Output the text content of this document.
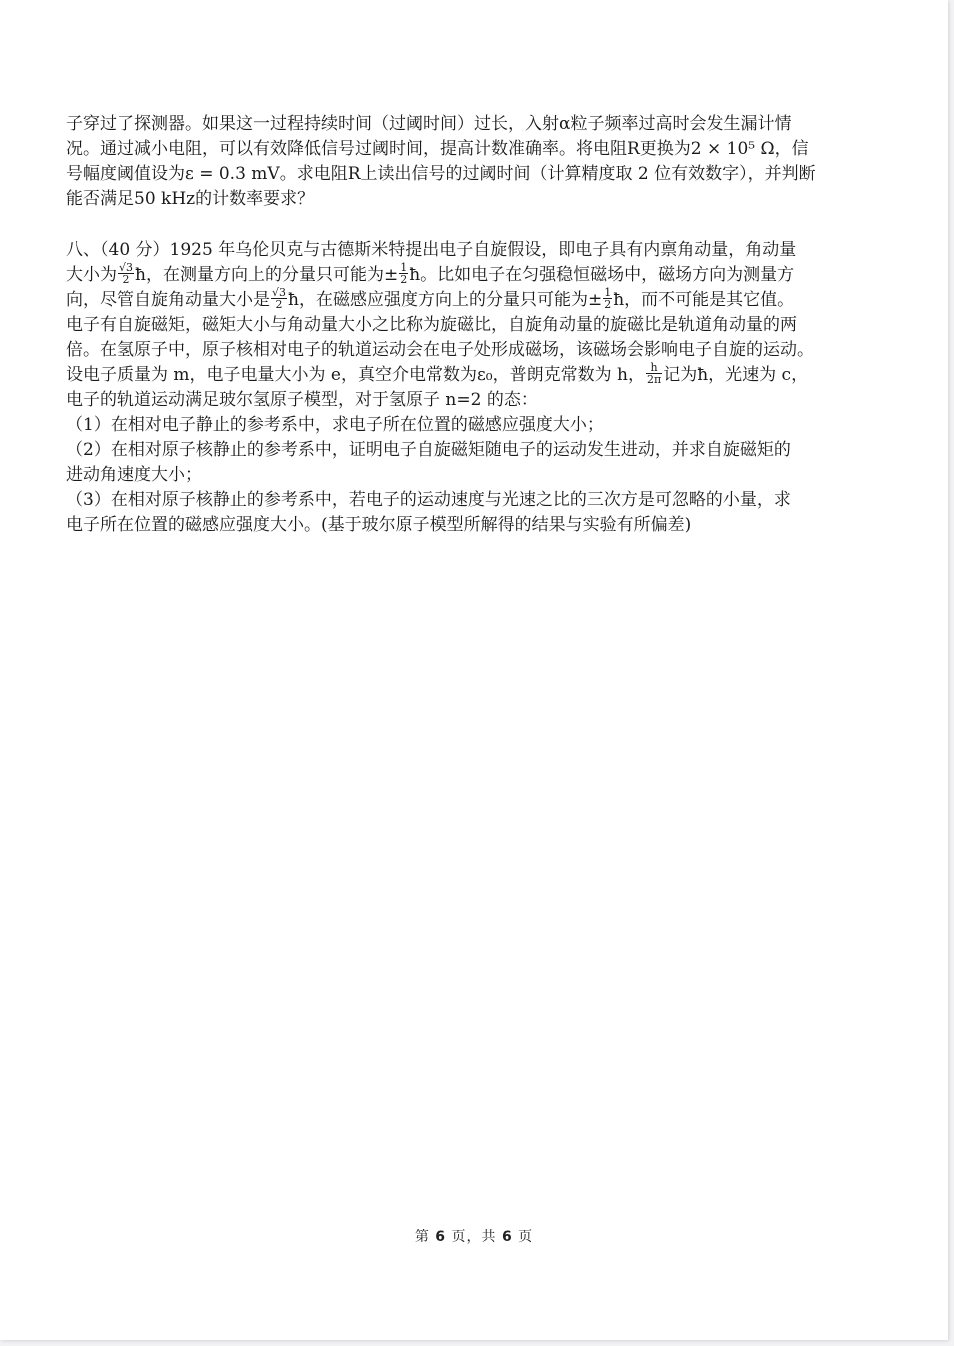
子穿过了探测器。如果这一过程持续时间（过阈时间）过长，入射α粒子频率过高时会发生漏计情

况。通过减小电阻，可以有效降低信号过阈时间，提高计数准确率。将电阻R更换为2 × 10⁵ Ω，信

号幅度阈值设为ε = 0.3 mV。求电阻R上读出信号的过阈时间（计算精度取 2 位有效数字），并判断

能否满足50 kHz的计数率要求？

八、（40 分）1925 年乌伦贝克与古德斯米特提出电子自旋假设，即电子具有内禀角动量，角动量

大小为 $\frac{√3}{2}$ ħ，在测量方向上的分量只可能为± $\frac{1}{2}$ ħ。比如电子在匀强稳恒磁场中，磁场方向为测量方

向，尽管自旋角动量大小是 $\frac{√3}{2}$ ħ，在磁感应强度方向上的分量只可能为± $\frac{1}{2}$ ħ，而不可能是其它值。

电子有自旋磁矩，磁矩大小与角动量大小之比称为旋磁比，自旋角动量的旋磁比是轨道角动量的两

倍。在氢原子中，原子核相对电子的轨道运动会在电子处形成磁场，该磁场会影响电子自旋的运动。

设电子质量为 m，电子电量大小为 e，真空介电常数为ε₀，普朗克常数为 h， $\frac{h}{2\pi}$ 记为ħ，光速为 c，

电子的轨道运动满足玻尔氢原子模型，对于氢原子 n=2 的态：

（1）在相对电子静止的参考系中，求电子所在位置的磁感应强度大小；

（2）在相对原子核静止的参考系中，证明电子自旋磁矩随电子的运动发生进动，并求自旋磁矩的

进动角速度大小；

（3）在相对原子核静止的参考系中，若电子的运动速度与光速之比的三次方是可忽略的小量，求

电子所在位置的磁感应强度大小。(基于玻尔原子模型所解得的结果与实验有所偏差)

第 6 页，共 6 页
